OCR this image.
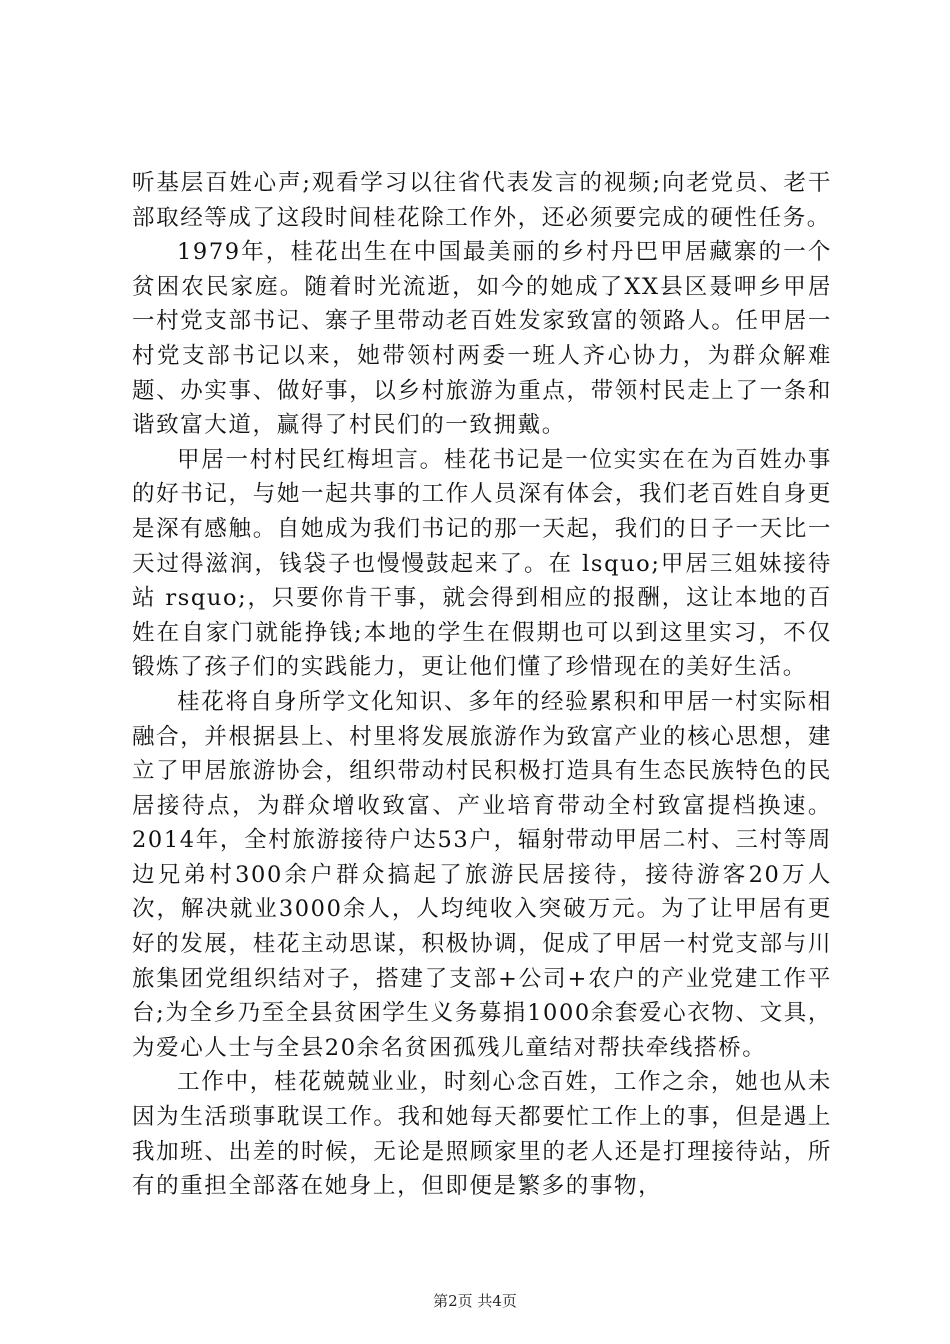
听基层百姓心声;观看学习以往省代表发言的视频;向老党员、老干部取经等成了这段时间桂花除工作外，还必须要完成的硬性任务。

1979年，桂花出生在中国最美丽的乡村丹巴甲居藏寨的一个贫困农民家庭。随着时光流逝，如今的她成了XX县区聂呷乡甲居一村党支部书记、寨子里带动老百姓发家致富的领路人。任甲居一村党支部书记以来，她带领村两委一班人齐心协力，为群众解难题、办实事、做好事，以乡村旅游为重点，带领村民走上了一条和谐致富大道，赢得了村民们的一致拥戴。

甲居一村村民红梅坦言。桂花书记是一位实实在在为百姓办事的好书记，与她一起共事的工作人员深有体会，我们老百姓自身更是深有感触。自她成为我们书记的那一天起，我们的日子一天比一天过得滋润，钱袋子也慢慢鼓起来了。在 lsquo;甲居三姐妹接待站 rsquo;，只要你肯干事，就会得到相应的报酬，这让本地的百姓在自家门就能挣钱;本地的学生在假期也可以到这里实习，不仅锻炼了孩子们的实践能力，更让他们懂了珍惜现在的美好生活。

桂花将自身所学文化知识、多年的经验累积和甲居一村实际相融合，并根据县上、村里将发展旅游作为致富产业的核心思想，建立了甲居旅游协会，组织带动村民积极打造具有生态民族特色的民居接待点，为群众增收致富、产业培育带动全村致富提档换速。2014年，全村旅游接待户达53户，辐射带动甲居二村、三村等周边兄弟村300余户群众搞起了旅游民居接待，接待游客20万人次，解决就业3000余人，人均纯收入突破万元。为了让甲居有更好的发展，桂花主动思谋，积极协调，促成了甲居一村党支部与川旅集团党组织结对子，搭建了支部+公司+农户的产业党建工作平台;为全乡乃至全县贫困学生义务募捐1000余套爱心衣物、文具，为爱心人士与全县20余名贫困孤残儿童结对帮扶牵线搭桥。

工作中，桂花兢兢业业，时刻心念百姓，工作之余，她也从未因为生活琐事耽误工作。我和她每天都要忙工作上的事，但是遇上我加班、出差的时候，无论是照顾家里的老人还是打理接待站，所有的重担全部落在她身上，但即便是繁多的事物，

第2页 共4页
